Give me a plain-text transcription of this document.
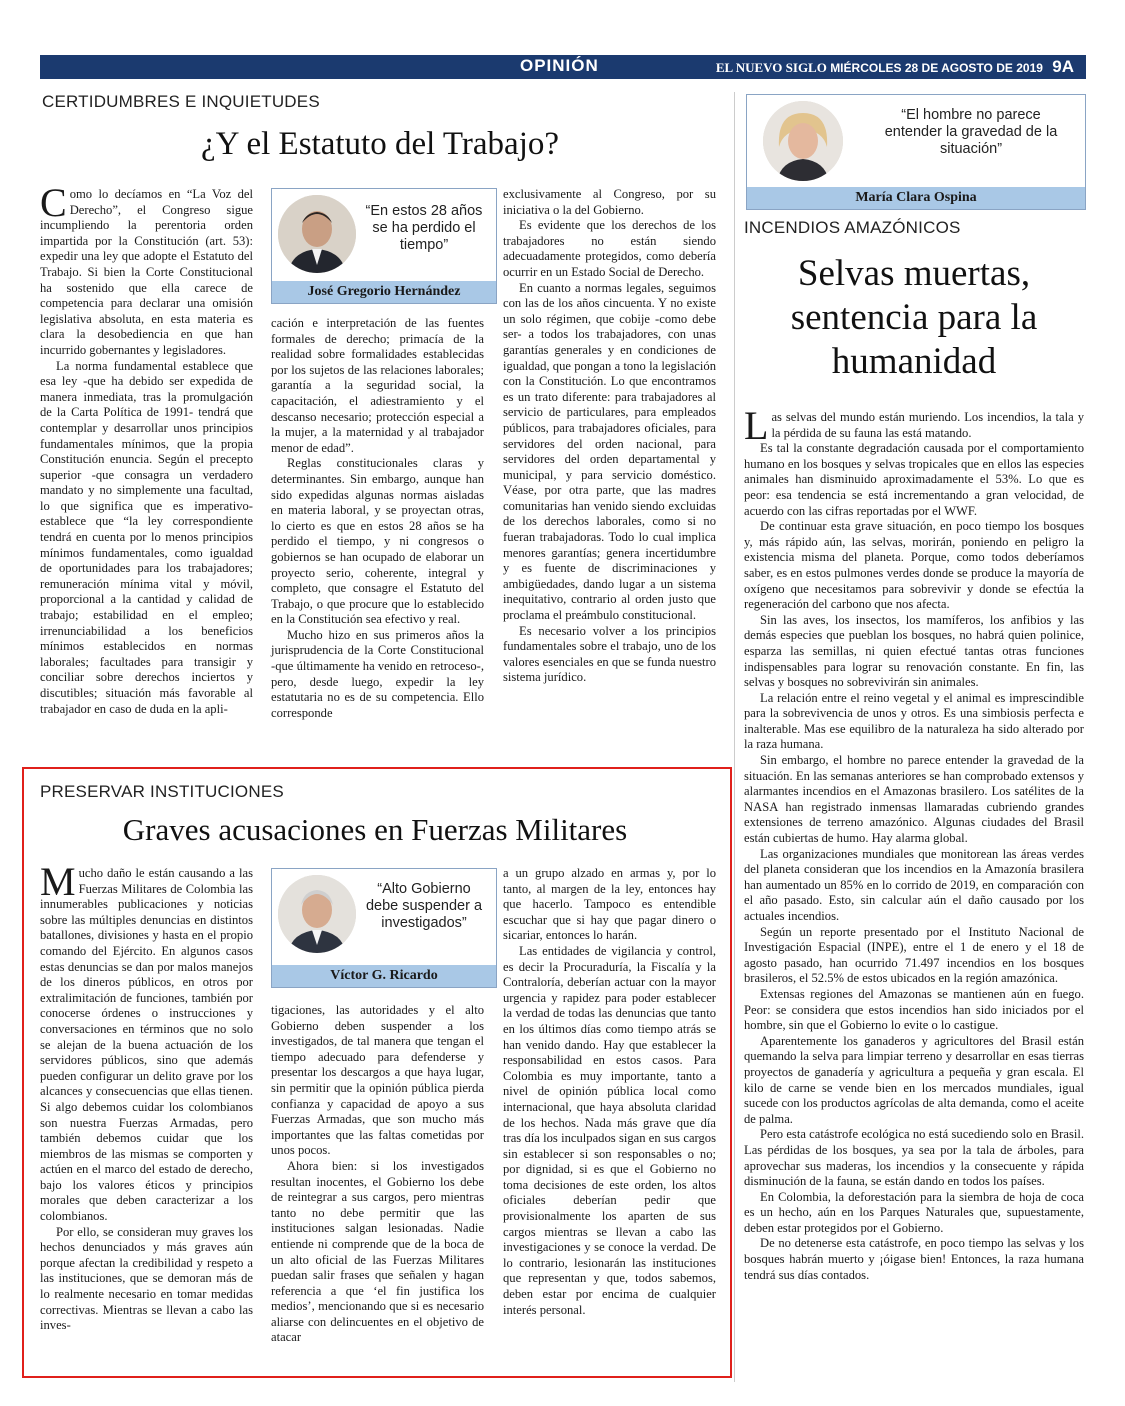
OPINIÓN	EL NUEVO SIGLO MIÉRCOLES 28 DE AGOSTO DE 2019 9A
CERTIDUMBRES E INQUIETUDES
¿Y el Estatuto del Trabajo?

Como lo decíamos en “La Voz del Derecho”, el Congreso sigue incumpliendo la perentoria orden impartida por la Constitución (art. 53): expedir una ley que adopte el Estatuto del Trabajo. Si bien la Corte Constitucional ha sostenido que ella carece de competencia para declarar una omisión legislativa absoluta, en esta materia es clara la desobediencia en que han incurrido gobernantes y legisladores.

La norma fundamental establece que esa ley -que ha debido ser expedida de manera inmediata, tras la promulgación de la Carta Política de 1991- tendrá que contemplar y desarrollar unos principios fundamentales mínimos, que la propia Constitución enuncia. Según el precepto superior -que consagra un verdadero mandato y no simplemente una facultad, lo que significa que es imperativo- establece que “la ley correspondiente tendrá en cuenta por lo menos principios mínimos fundamentales, como igualdad de oportunidades para los trabajadores; remuneración mínima vital y móvil, proporcional a la cantidad y calidad de trabajo; estabilidad en el empleo; irrenunciabilidad a los beneficios mínimos establecidos en normas laborales; facultades para transigir y conciliar sobre derechos inciertos y discutibles; situación más favorable al trabajador en caso de duda en la apli-

“En estos 28 años se ha perdido el tiempo”
José Gregorio Hernández

cación e interpretación de las fuentes formales de derecho; primacía de la realidad sobre formalidades establecidas por los sujetos de las relaciones laborales; garantía a la seguridad social, la capacitación, el adiestramiento y el descanso necesario; protección especial a la mujer, a la maternidad y al trabajador menor de edad”.

Reglas constitucionales claras y determinantes. Sin embargo, aunque han sido expedidas algunas normas aisladas en materia laboral, y se proyectan otras, lo cierto es que en estos 28 años se ha perdido el tiempo, y ni congresos o gobiernos se han ocupado de elaborar un proyecto serio, coherente, integral y completo, que consagre el Estatuto del Trabajo, o que procure que lo establecido en la Constitución sea efectivo y real.

Mucho hizo en sus primeros años la jurisprudencia de la Corte Constitucional -que últimamente ha venido en retroceso-, pero, desde luego, expedir la ley estatutaria no es de su competencia. Ello corresponde

exclusivamente al Congreso, por su iniciativa o la del Gobierno.

Es evidente que los derechos de los trabajadores no están siendo adecuadamente protegidos, como debería ocurrir en un Estado Social de Derecho.

En cuanto a normas legales, seguimos con las de los años cincuenta. Y no existe un solo régimen, que cobije -como debe ser- a todos los trabajadores, con unas garantías generales y en condiciones de igualdad, que pongan a tono la legislación con la Constitución. Lo que encontramos es un trato diferente: para trabajadores al servicio de particulares, para empleados públicos, para trabajadores oficiales, para servidores del orden nacional, para servidores del orden departamental y municipal, y para servicio doméstico. Véase, por otra parte, que las madres comunitarias han venido siendo excluidas de los derechos laborales, como si no fueran trabajadoras. Todo lo cual implica menores garantías; genera incertidumbre y es fuente de discriminaciones y ambigüedades, dando lugar a un sistema inequitativo, contrario al orden justo que proclama el preámbulo constitucional.

Es necesario volver a los principios fundamentales sobre el trabajo, uno de los valores esenciales en que se funda nuestro sistema jurídico.

PRESERVAR INSTITUCIONES
Graves acusaciones en Fuerzas Militares

Mucho daño le están causando a las Fuerzas Militares de Colombia las innumerables publicaciones y noticias sobre las múltiples denuncias en distintos batallones, divisiones y hasta en el propio comando del Ejército. En algunos casos estas denuncias se dan por malos manejos de los dineros públicos, en otros por extralimitación de funciones, también por conocerse órdenes o instrucciones y conversaciones en términos que no solo se alejan de la buena actuación de los servidores públicos, sino que además pueden configurar un delito grave por los alcances y consecuencias que ellas tienen. Si algo debemos cuidar los colombianos son nuestra Fuerzas Armadas, pero también debemos cuidar que los miembros de las mismas se comporten y actúen en el marco del estado de derecho, bajo los valores éticos y principios morales que deben caracterizar a los colombianos.

Por ello, se consideran muy graves los hechos denunciados y más graves aún porque afectan la credibilidad y respeto a las instituciones, que se demoran más de lo realmente necesario en tomar medidas correctivas. Mientras se llevan a cabo las inves-

“Alto Gobierno debe suspender a investigados”
Víctor G. Ricardo

tigaciones, las autoridades y el alto Gobierno deben suspender a los investigados, de tal manera que tengan el tiempo adecuado para defenderse y presentar los descargos a que haya lugar, sin permitir que la opinión pública pierda confianza y capacidad de apoyo a sus Fuerzas Armadas, que son mucho más importantes que las faltas cometidas por unos pocos.

Ahora bien: si los investigados resultan inocentes, el Gobierno los debe de reintegrar a sus cargos, pero mientras tanto no debe permitir que las instituciones salgan lesionadas. Nadie entiende ni comprende que de la boca de un alto oficial de las Fuerzas Militares puedan salir frases que señalen y hagan referencia a que ‘el fin justifica los medios’, mencionando que si es necesario aliarse con delincuentes en el objetivo de atacar

a un grupo alzado en armas y, por lo tanto, al margen de la ley, entonces hay que hacerlo. Tampoco es entendible escuchar que si hay que pagar dinero o sicariar, entonces lo harán.

Las entidades de vigilancia y control, es decir la Procuraduría, la Fiscalía y la Contraloría, deberían actuar con la mayor urgencia y rapidez para poder establecer la verdad de todas las denuncias que tanto en los últimos días como tiempo atrás se han venido dando. Hay que establecer la responsabilidad en estos casos. Para Colombia es muy importante, tanto a nivel de opinión pública local como internacional, que haya absoluta claridad de los hechos. Nada más grave que día tras día los inculpados sigan en sus cargos sin establecer si son responsables o no; por dignidad, si es que el Gobierno no toma decisiones de este orden, los altos oficiales deberían pedir que provisionalmente los aparten de sus cargos mientras se llevan a cabo las investigaciones y se conoce la verdad. De lo contrario, lesionarán las instituciones que representan y que, todos sabemos, deben estar por encima de cualquier interés personal.

“El hombre no parece entender la gravedad de la situación”
María Clara Ospina
INCENDIOS AMAZÓNICOS
Selvas muertas, sentencia para la humanidad

Las selvas del mundo están muriendo. Los incendios, la tala y la pérdida de su fauna las está matando.

Es tal la constante degradación causada por el comportamiento humano en los bosques y selvas tropicales que en ellos las especies animales han disminuido aproximadamente el 53%. Lo que es peor: esa tendencia se está incrementando a gran velocidad, de acuerdo con las cifras reportadas por el WWF.

De continuar esta grave situación, en poco tiempo los bosques y, más rápido aún, las selvas, morirán, poniendo en peligro la existencia misma del planeta. Porque, como todos deberíamos saber, es en estos pulmones verdes donde se produce la mayoría de oxígeno que necesitamos para sobrevivir y donde se efectúa la regeneración del carbono que nos afecta.

Sin las aves, los insectos, los mamíferos, los anfibios y las demás especies que pueblan los bosques, no habrá quien polinice, esparza las semillas, ni quien efectué tantas otras funciones indispensables para lograr su renovación constante. En fin, las selvas y bosques no sobrevivirán sin animales.

La relación entre el reino vegetal y el animal es imprescindible para la sobrevivencia de unos y otros. Es una simbiosis perfecta e inalterable. Mas ese equilibro de la naturaleza ha sido alterado por la raza humana.

Sin embargo, el hombre no parece entender la gravedad de la situación. En las semanas anteriores se han comprobado extensos y alarmantes incendios en el Amazonas brasilero. Los satélites de la NASA han registrado inmensas llamaradas cubriendo grandes extensiones de terreno amazónico. Algunas ciudades del Brasil están cubiertas de humo. Hay alarma global.

Las organizaciones mundiales que monitorean las áreas verdes del planeta consideran que los incendios en la Amazonía brasilera han aumentado un 85% en lo corrido de 2019, en comparación con el año pasado. Esto, sin calcular aún el daño causado por los actuales incendios.

Según un reporte presentado por el Instituto Nacional de Investigación Espacial (INPE), entre el 1 de enero y el 18 de agosto pasado, han ocurrido 71.497 incendios en los bosques brasileros, el 52.5% de estos ubicados en la región amazónica.

Extensas regiones del Amazonas se mantienen aún en fuego. Peor: se considera que estos incendios han sido iniciados por el hombre, sin que el Gobierno lo evite o lo castigue.

Aparentemente los ganaderos y agricultores del Brasil están quemando la selva para limpiar terreno y desarrollar en esas tierras proyectos de ganadería y agricultura a pequeña y gran escala. El kilo de carne se vende bien en los mercados mundiales, igual sucede con los productos agrícolas de alta demanda, como el aceite de palma.

Pero esta catástrofe ecológica no está sucediendo solo en Brasil. Las pérdidas de los bosques, ya sea por la tala de árboles, para aprovechar sus maderas, los incendios y la consecuente y rápida disminución de la fauna, se están dando en todos los países.

En Colombia, la deforestación para la siembra de hoja de coca es un hecho, aún en los Parques Naturales que, supuestamente, deben estar protegidos por el Gobierno.

De no detenerse esta catástrofe, en poco tiempo las selvas y los bosques habrán muerto y ¡óigase bien! Entonces, la raza humana tendrá sus días contados.
